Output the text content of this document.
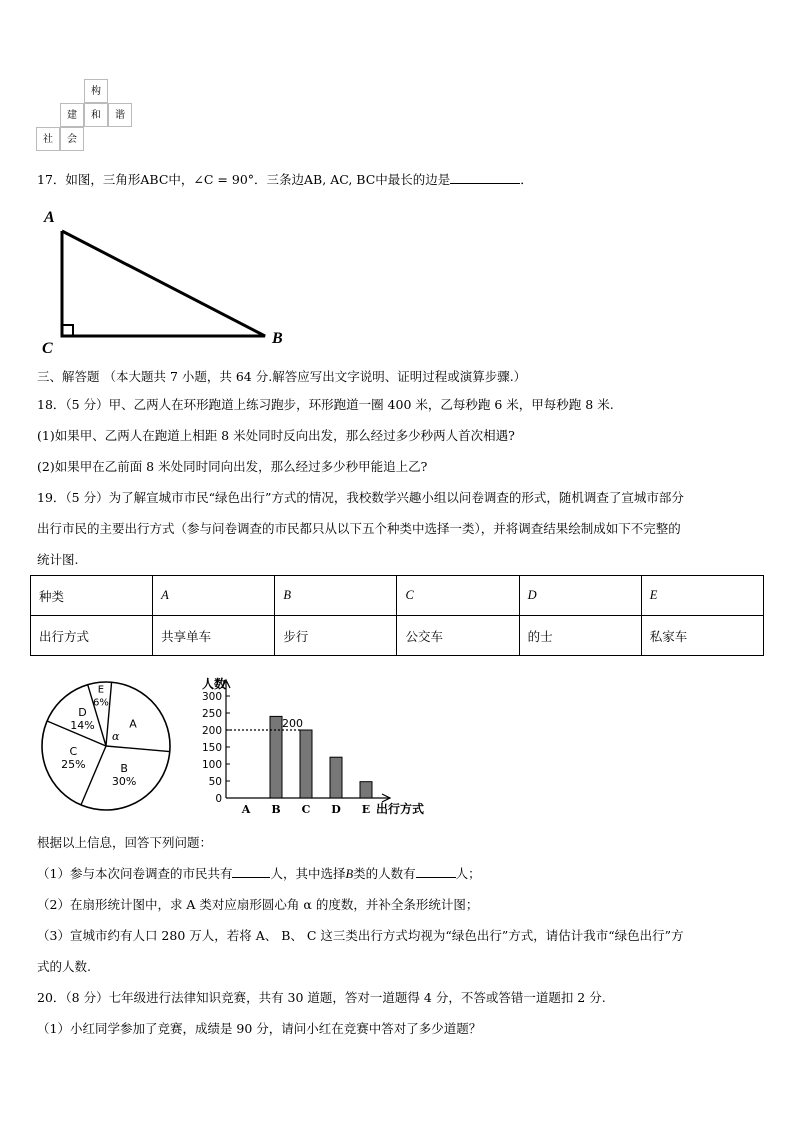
构
建	和	谐
社	会
17．如图，三角形ABC中，∠C = 90°．三条边AB, AC, BC中最长的边是	．
A
B
C
三、解答题 （本大题共 7 小题，共 64 分.解答应写出文字说明、证明过程或演算步骤.）
18．（5 分）甲、乙两人在环形跑道上练习跑步，环形跑道一圈 400 米，乙每秒跑 6 米，甲每秒跑 8 米.
(1)如果甲、乙两人在跑道上相距 8 米处同时反向出发，那么经过多少秒两人首次相遇?
(2)如果甲在乙前面 8 米处同时同向出发，那么经过多少秒甲能追上乙?
19．（5 分）为了解宣城市市民“绿色出行”方式的情况，我校数学兴趣小组以问卷调查的形式，随机调查了宣城市部分
出行市民的主要出行方式（参与问卷调查的市民都只从以下五个种类中选择一类），并将调查结果绘制成如下不完整的
统计图.
种类	A	B	C	D	E
出行方式	共享单车	步行	公交车	的士	私家车
A
B
30%
C
25%
D
14%
E
6%
α
人数
出行方式
0
50
100
150
200
250
300
A B C D E
200
根据以上信息，回答下列问题：
（1）参与本次问卷调查的市民共有	人，其中选择B类的人数有	人；
（2）在扇形统计图中，求 A 类对应扇形圆心角 α 的度数，并补全条形统计图；
（3）宣城市约有人口 280 万人，若将 A、 B、 C 这三类出行方式均视为“绿色出行”方式，请估计我市“绿色出行”方
式的人数.
20．（8 分）七年级进行法律知识竞赛，共有 30 道题，答对一道题得 4 分，不答或答错一道题扣 2 分.
（1）小红同学参加了竞赛，成绩是 90 分，请问小红在竞赛中答对了多少道题？
